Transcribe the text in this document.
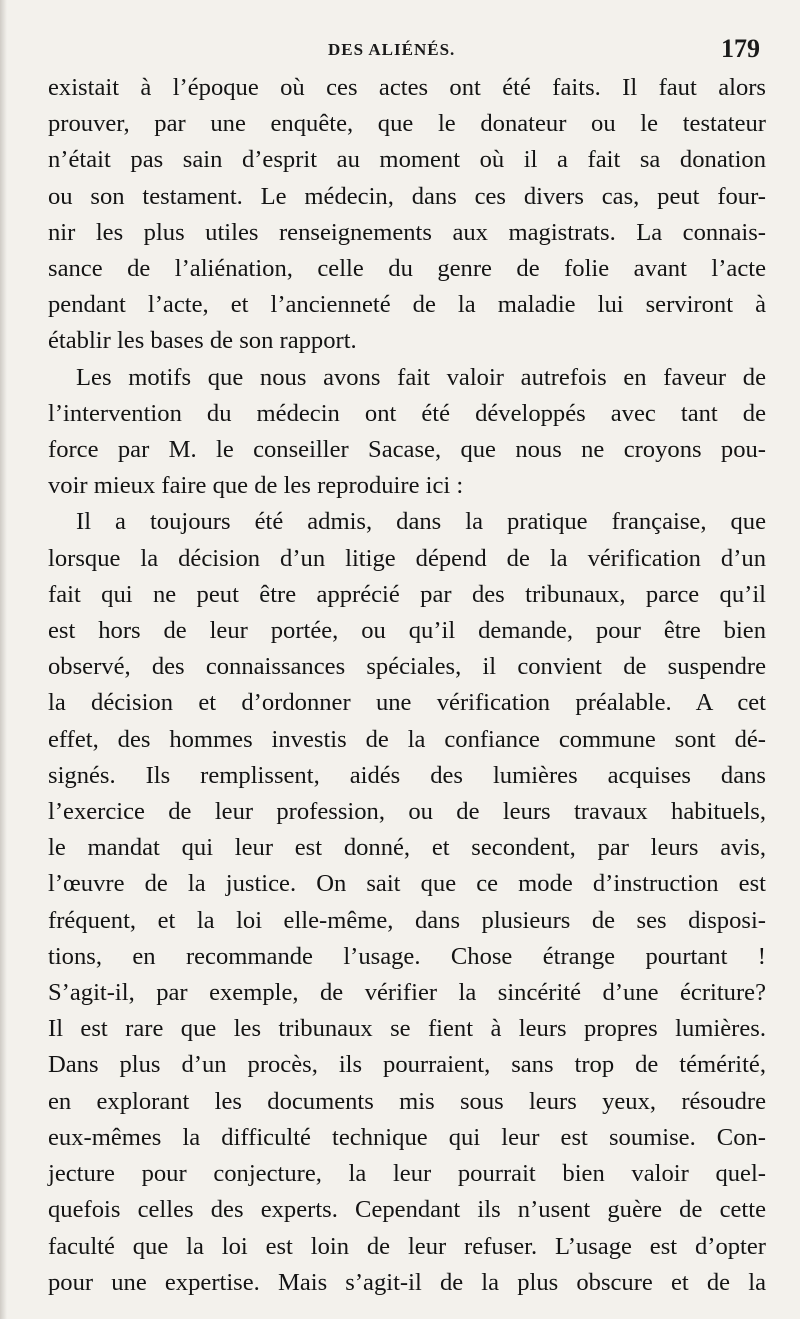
DES ALIÉNÉS.	179
existait à l’époque où ces actes ont été faits. Il faut alors
prouver, par une enquête, que le donateur ou le testateur
n’était pas sain d’esprit au moment où il a fait sa donation
ou son testament. Le médecin, dans ces divers cas, peut four-
nir les plus utiles renseignements aux magistrats. La connais-
sance de l’aliénation, celle du genre de folie avant l’acte
pendant l’acte, et l’ancienneté de la maladie lui serviront à
établir les bases de son rapport.
Les motifs que nous avons fait valoir autrefois en faveur de
l’intervention du médecin ont été développés avec tant de
force par M. le conseiller Sacase, que nous ne croyons pou-
voir mieux faire que de les reproduire ici :
Il a toujours été admis, dans la pratique française, que
lorsque la décision d’un litige dépend de la vérification d’un
fait qui ne peut être apprécié par des tribunaux, parce qu’il
est hors de leur portée, ou qu’il demande, pour être bien
observé, des connaissances spéciales, il convient de suspendre
la décision et d’ordonner une vérification préalable. A cet
effet, des hommes investis de la confiance commune sont dé-
signés. Ils remplissent, aidés des lumières acquises dans
l’exercice de leur profession, ou de leurs travaux habituels,
le mandat qui leur est donné, et secondent, par leurs avis,
l’œuvre de la justice. On sait que ce mode d’instruction est
fréquent, et la loi elle-même, dans plusieurs de ses disposi-
tions, en recommande l’usage. Chose étrange pourtant !
S’agit-il, par exemple, de vérifier la sincérité d’une écriture?
Il est rare que les tribunaux se fient à leurs propres lumières.
Dans plus d’un procès, ils pourraient, sans trop de témérité,
en explorant les documents mis sous leurs yeux, résoudre
eux-mêmes la difficulté technique qui leur est soumise. Con-
jecture pour conjecture, la leur pourrait bien valoir quel-
quefois celles des experts. Cependant ils n’usent guère de cette
faculté que la loi est loin de leur refuser. L’usage est d’opter
pour une expertise. Mais s’agit-il de la plus obscure et de la
